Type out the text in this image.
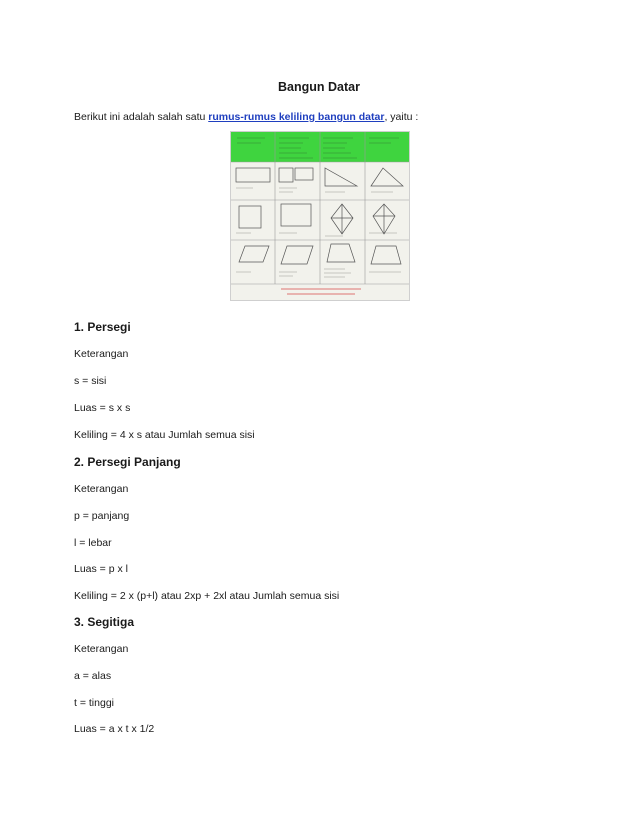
Bangun Datar
Berikut ini adalah salah satu rumus-rumus keliling bangun datar, yaitu :
1. Persegi
Keterangan
s = sisi
Luas = s x s
Keliling = 4 x s atau Jumlah semua sisi
2. Persegi Panjang
Keterangan
p = panjang
l = lebar
Luas = p x l
Keliling = 2 x (p+l) atau 2xp + 2xl atau Jumlah semua sisi
3. Segitiga
Keterangan
a = alas
t = tinggi
Luas = a x t x 1/2
